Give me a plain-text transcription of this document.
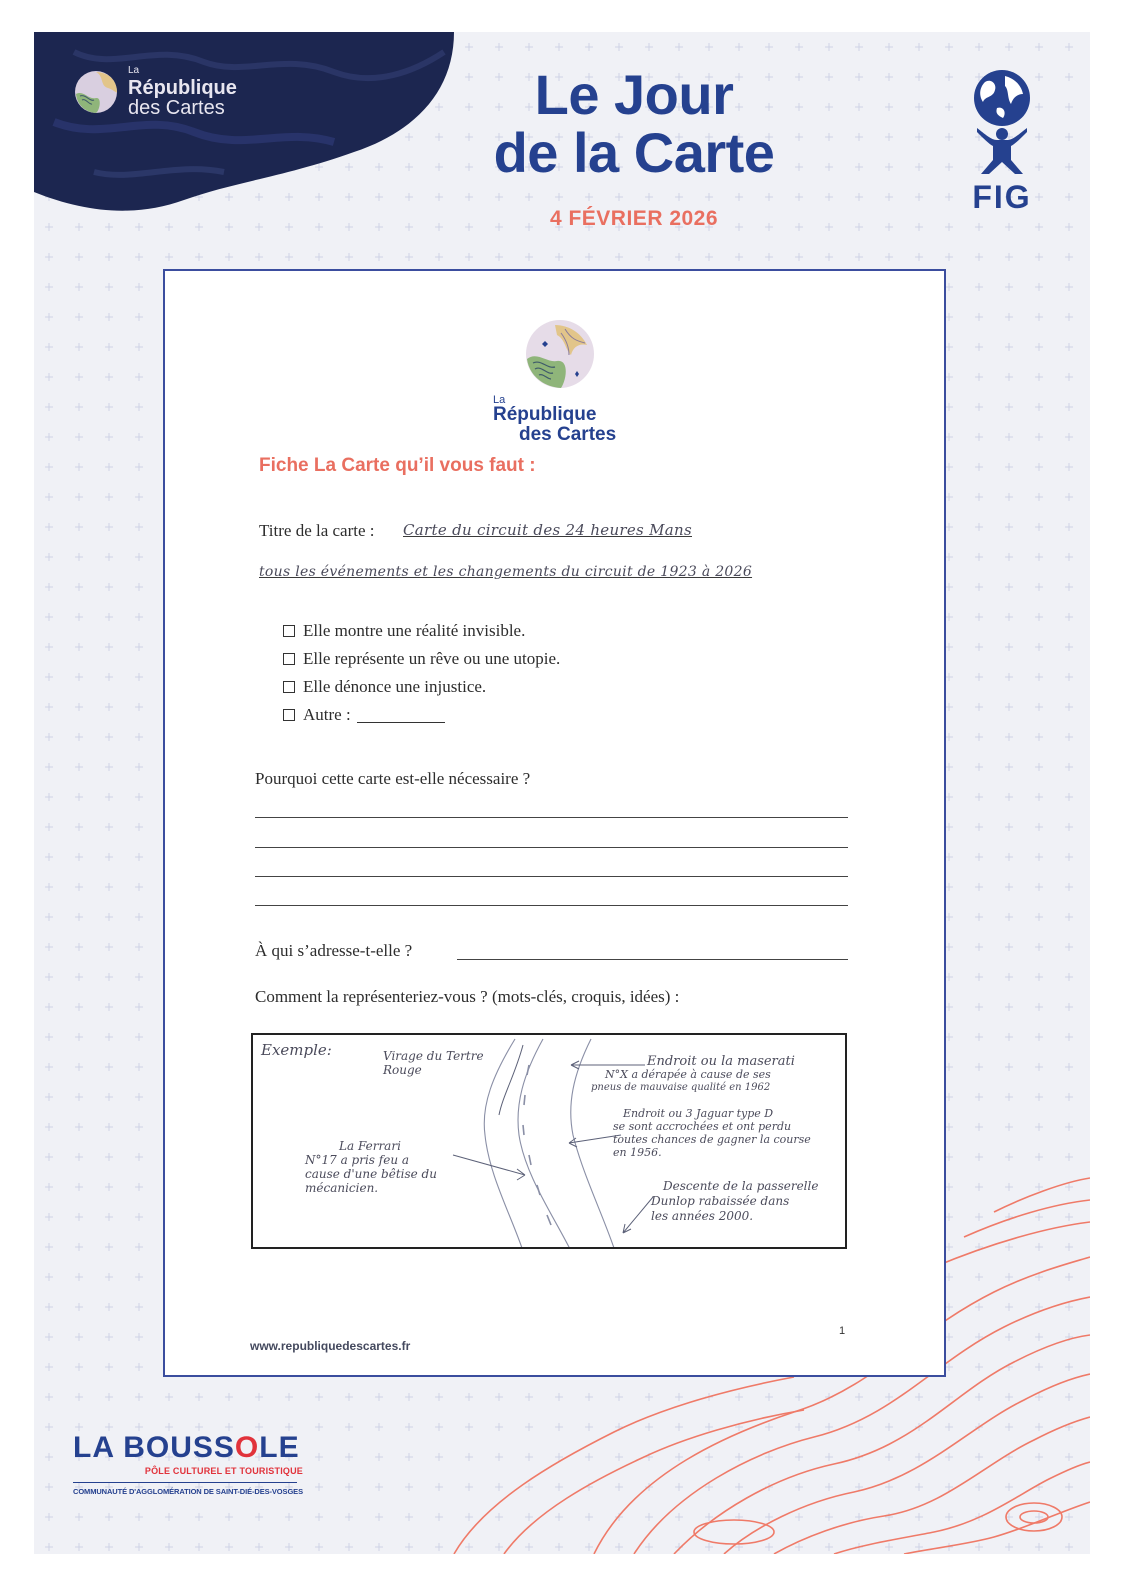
La
République
des Cartes	Le Jour
de la Carte
4 FÉVRIER 2026
FIG
La
République
des Cartes
Fiche La Carte qu’il vous faut :
Titre de la carte : Carte du circuit des 24 heures Mans
tous les événements et les changements du circuit de 1923 à 2026
Elle montre une réalité invisible.
Elle représente un rêve ou une utopie.
Elle dénonce une injustice.
Autre :
Pourquoi cette carte est-elle nécessaire ?
À qui s’adresse-t-elle ?
Comment la représenteriez-vous ? (mots-clés, croquis, idées) :
Exemple:	Virage du Tertre
Rouge
La Ferrari
N°17 a pris feu a
cause d'une bêtise du
mécanicien.
Endroit ou la maserati
N°X a dérapée à cause de ses
pneus de mauvaise qualité en 1962
Endroit ou 3 Jaguar type D
se sont accrochées et ont perdu
toutes chances de gagner la course
en 1956.
Descente de la passerelle
Dunlop rabaissée dans
les années 2000.
www.republiquedescartes.fr
1
LA BOUSSOLE
PÔLE CULTUREL ET TOURISTIQUE
COMMUNAUTÉ D'AGGLOMÉRATION DE SAINT-DIÉ-DES-VOSGES
